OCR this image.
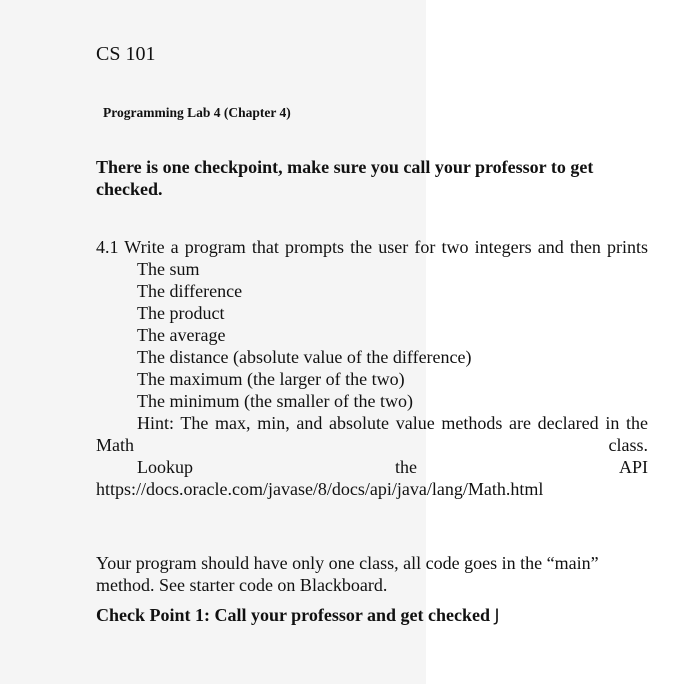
CS 101
Programming Lab 4 (Chapter 4)
There is one checkpoint, make sure you call your professor to get checked.
4.1 Write a program that prompts the user for two integers and then prints
The sum
The difference
The product
The average
The distance (absolute value of the difference)
The maximum (the larger of the two)
The minimum (the smaller of the two)
Hint: The max, min, and absolute value methods are declared in the Math class.
Lookup	the	API
https://docs.oracle.com/javase/8/docs/api/java/lang/Math.html
Your program should have only one class, all code goes in the “main” method. See starter code on Blackboard.
Check Point 1: Call your professor and get checked J
